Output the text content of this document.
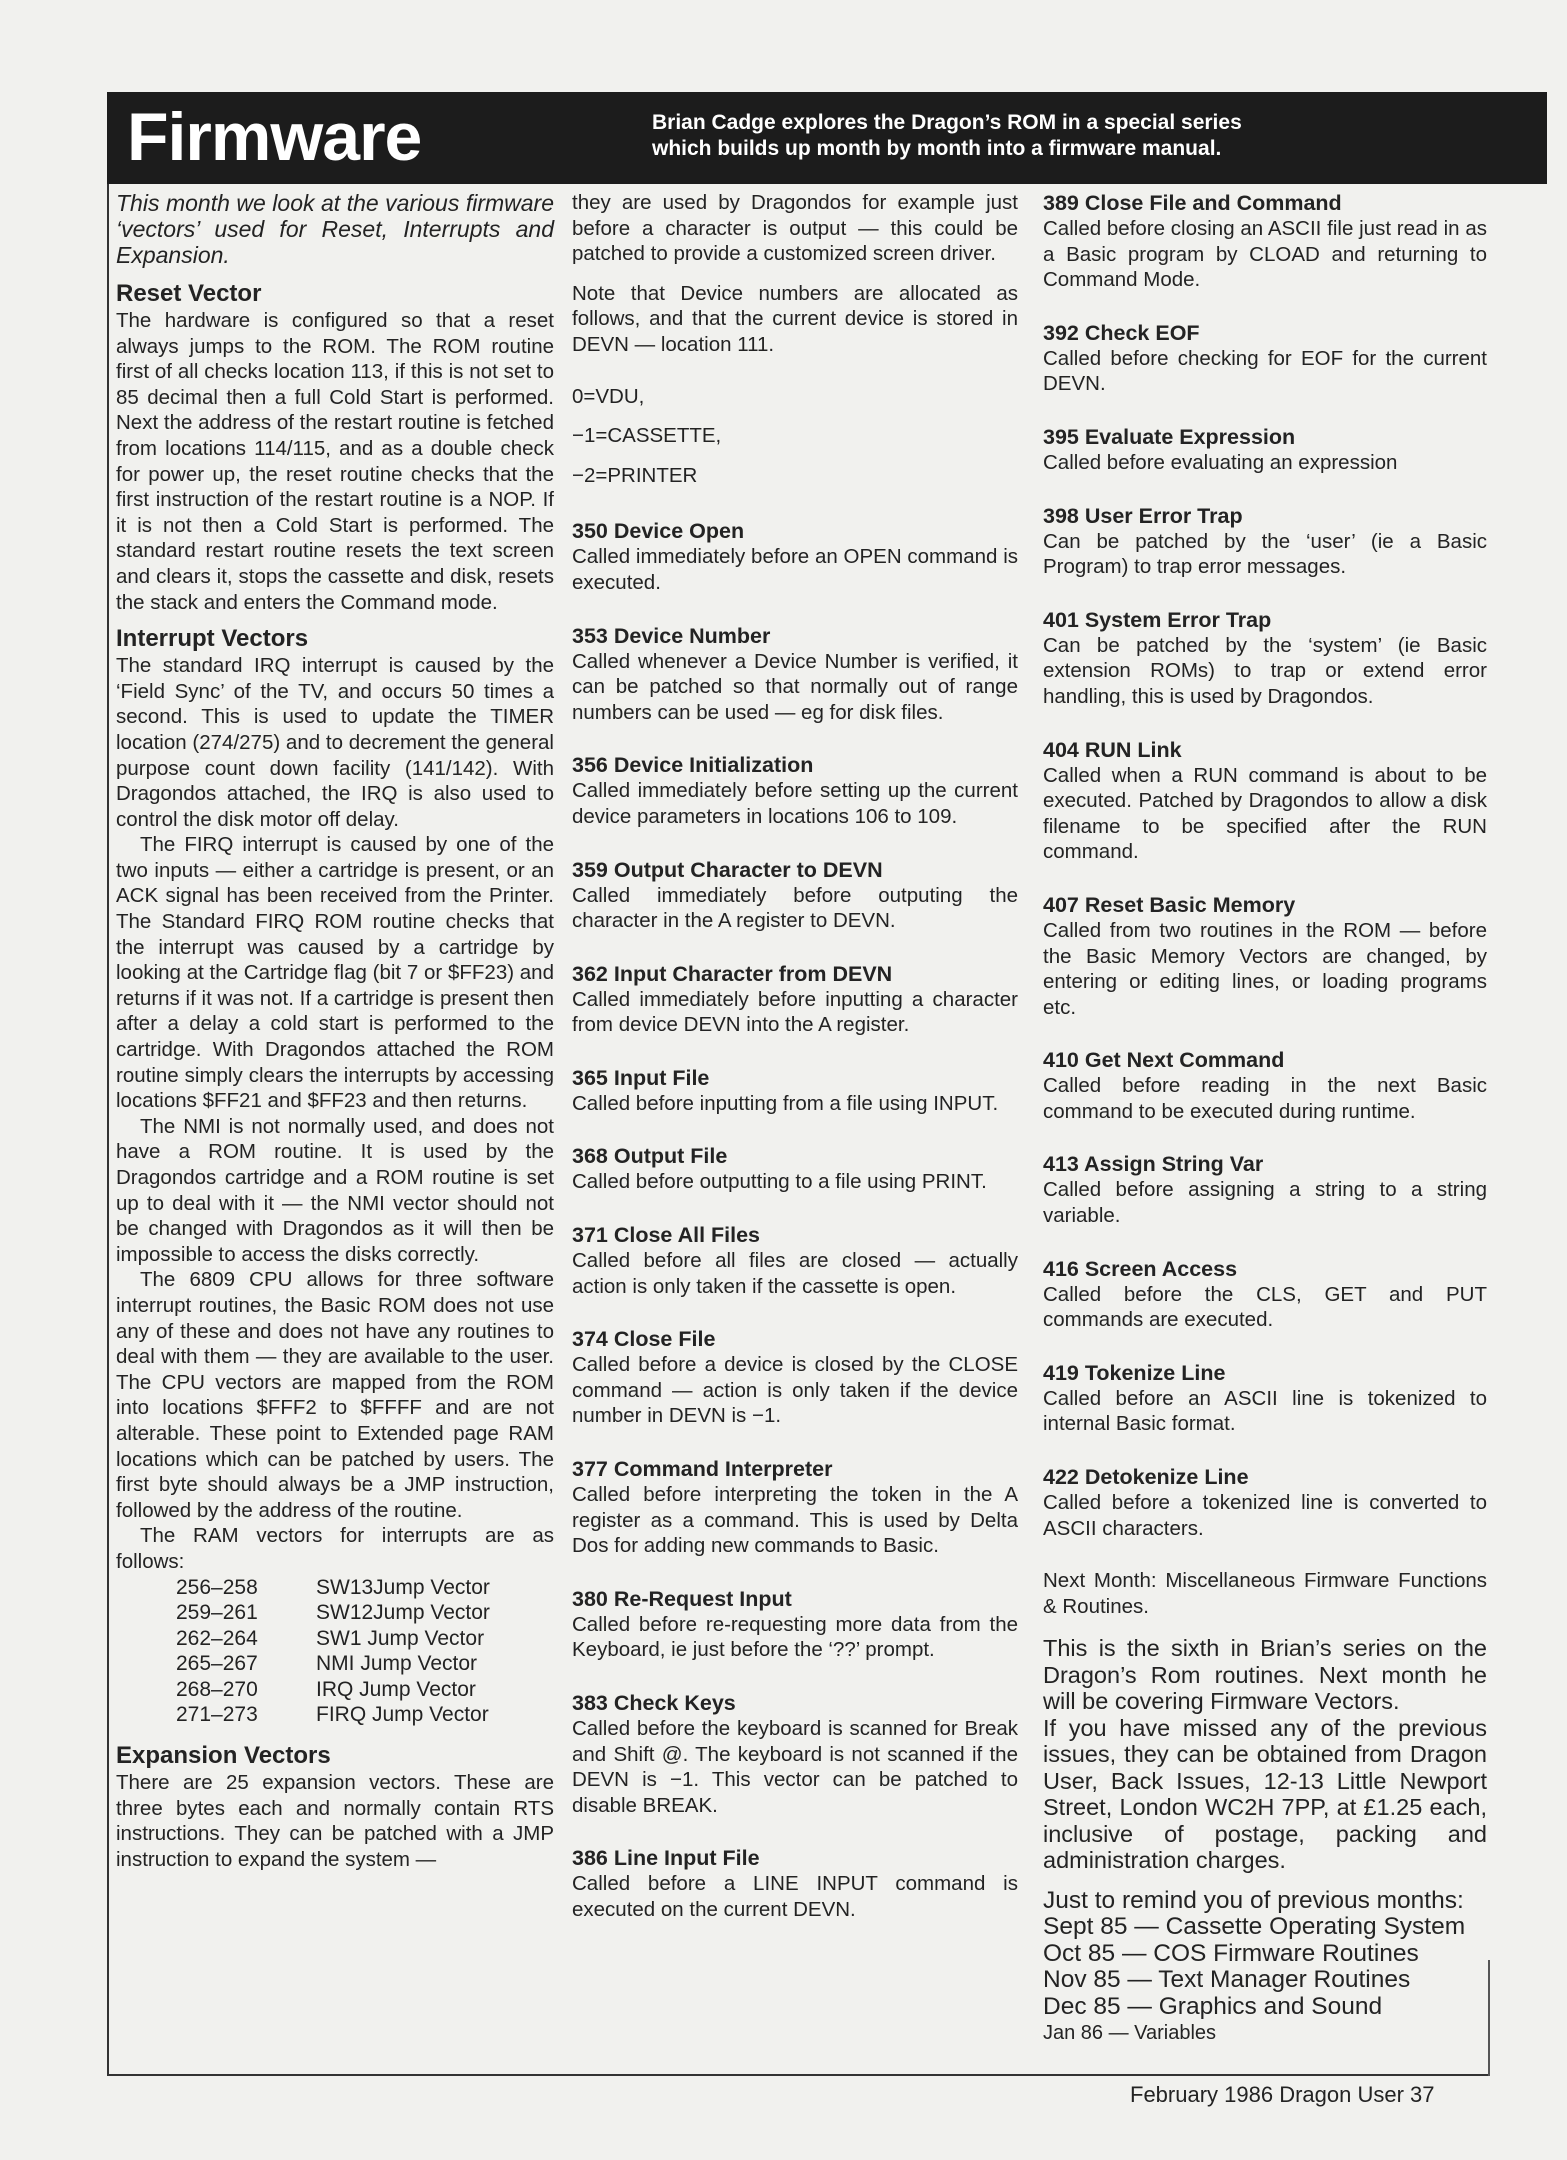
Firmware	Brian Cadge explores the Dragon’s ROM in a special series
which builds up month by month into a firmware manual.

This month we look at the various firmware ‘vectors’ used for Reset, Interrupts and Expansion.

Reset Vector

The hardware is configured so that a reset always jumps to the ROM. The ROM routine first of all checks location 113, if this is not set to 85 decimal then a full Cold Start is performed. Next the address of the restart routine is fetched from locations 114/115, and as a double check for power up, the reset routine checks that the first instruction of the restart routine is a NOP. If it is not then a Cold Start is performed. The standard restart routine resets the text screen and clears it, stops the cassette and disk, resets the stack and enters the Command mode.

Interrupt Vectors

The standard IRQ interrupt is caused by the ‘Field Sync’ of the TV, and occurs 50 times a second. This is used to update the TIMER location (274/275) and to decrement the general purpose count down facility (141/142). With Dragondos attached, the IRQ is also used to control the disk motor off delay.

The FIRQ interrupt is caused by one of the two inputs — either a cartridge is present, or an ACK signal has been received from the Printer. The Standard FIRQ ROM routine checks that the interrupt was caused by a cartridge by looking at the Cartridge flag (bit 7 or $FF23) and returns if it was not. If a cartridge is present then after a delay a cold start is performed to the cartridge. With Dragondos attached the ROM routine simply clears the interrupts by accessing locations $FF21 and $FF23 and then returns.

The NMI is not normally used, and does not have a ROM routine. It is used by the Dragondos cartridge and a ROM routine is set up to deal with it — the NMI vector should not be changed with Dragondos as it will then be impossible to access the disks correctly.

The 6809 CPU allows for three software interrupt routines, the Basic ROM does not use any of these and does not have any routines to deal with them — they are available to the user. The CPU vectors are mapped from the ROM into locations $FFF2 to $FFFF and are not alterable. These point to Extended page RAM locations which can be patched by users. The first byte should always be a JMP instruction, followed by the address of the routine.

The RAM vectors for interrupts are as follows:

256–258	SW13Jump Vector
259–261	SW12Jump Vector
262–264	SW1 Jump Vector
265–267	NMI Jump Vector
268–270	IRQ Jump Vector
271–273	FIRQ Jump Vector
Expansion Vectors

There are 25 expansion vectors. These are three bytes each and normally contain RTS instructions. They can be patched with a JMP instruction to expand the system —

they are used by Dragondos for example just before a character is output — this could be patched to provide a customized screen driver.

Note that Device numbers are allocated as follows, and that the current device is stored in DEVN — location 111.

0=VDU,

−1=CASSETTE,

−2=PRINTER

350 Device Open

Called immediately before an OPEN command is executed.

353 Device Number

Called whenever a Device Number is verified, it can be patched so that normally out of range numbers can be used — eg for disk files.

356 Device Initialization

Called immediately before setting up the current device parameters in locations 106 to 109.

359 Output Character to DEVN

Called immediately before outputing the character in the A register to DEVN.

362 Input Character from DEVN

Called immediately before inputting a character from device DEVN into the A register.

365 Input File

Called before inputting from a file using INPUT.

368 Output File

Called before outputting to a file using PRINT.

371 Close All Files

Called before all files are closed — actually action is only taken if the cassette is open.

374 Close File

Called before a device is closed by the CLOSE command — action is only taken if the device number in DEVN is −1.

377 Command Interpreter

Called before interpreting the token in the A register as a command. This is used by Delta Dos for adding new commands to Basic.

380 Re-Request Input

Called before re-requesting more data from the Keyboard, ie just before the ‘??’ prompt.

383 Check Keys

Called before the keyboard is scanned for Break and Shift @. The keyboard is not scanned if the DEVN is −1. This vector can be patched to disable BREAK.

386 Line Input File

Called before a LINE INPUT command is executed on the current DEVN.

389 Close File and Command

Called before closing an ASCII file just read in as a Basic program by CLOAD and returning to Command Mode.

392 Check EOF

Called before checking for EOF for the current DEVN.

395 Evaluate Expression

Called before evaluating an expression

398 User Error Trap

Can be patched by the ‘user’ (ie a Basic Program) to trap error messages.

401 System Error Trap

Can be patched by the ‘system’ (ie Basic extension ROMs) to trap or extend error handling, this is used by Dragondos.

404 RUN Link

Called when a RUN command is about to be executed. Patched by Dragondos to allow a disk filename to be specified after the RUN command.

407 Reset Basic Memory

Called from two routines in the ROM — before the Basic Memory Vectors are changed, by entering or editing lines, or loading programs etc.

410 Get Next Command

Called before reading in the next Basic command to be executed during runtime.

413 Assign String Var

Called before assigning a string to a string variable.

416 Screen Access

Called before the CLS, GET and PUT commands are executed.

419 Tokenize Line

Called before an ASCII line is tokenized to internal Basic format.

422 Detokenize Line

Called before a tokenized line is converted to ASCII characters.

Next Month: Miscellaneous Firmware Functions & Routines.

This is the sixth in Brian’s series on the Dragon’s Rom routines. Next month he will be covering Firmware Vectors.

If you have missed any of the previous issues, they can be obtained from Dragon User, Back Issues, 12-13 Little Newport Street, London WC2H 7PP, at £1.25 each, inclusive of postage, packing and administration charges.

Just to remind you of previous months:
Sept 85 — Cassette Operating System
Oct 85 — COS Firmware Routines
Nov 85 — Text Manager Routines
Dec 85 — Graphics and Sound
Jan 86 — Variables
February 1986 Dragon User 37
